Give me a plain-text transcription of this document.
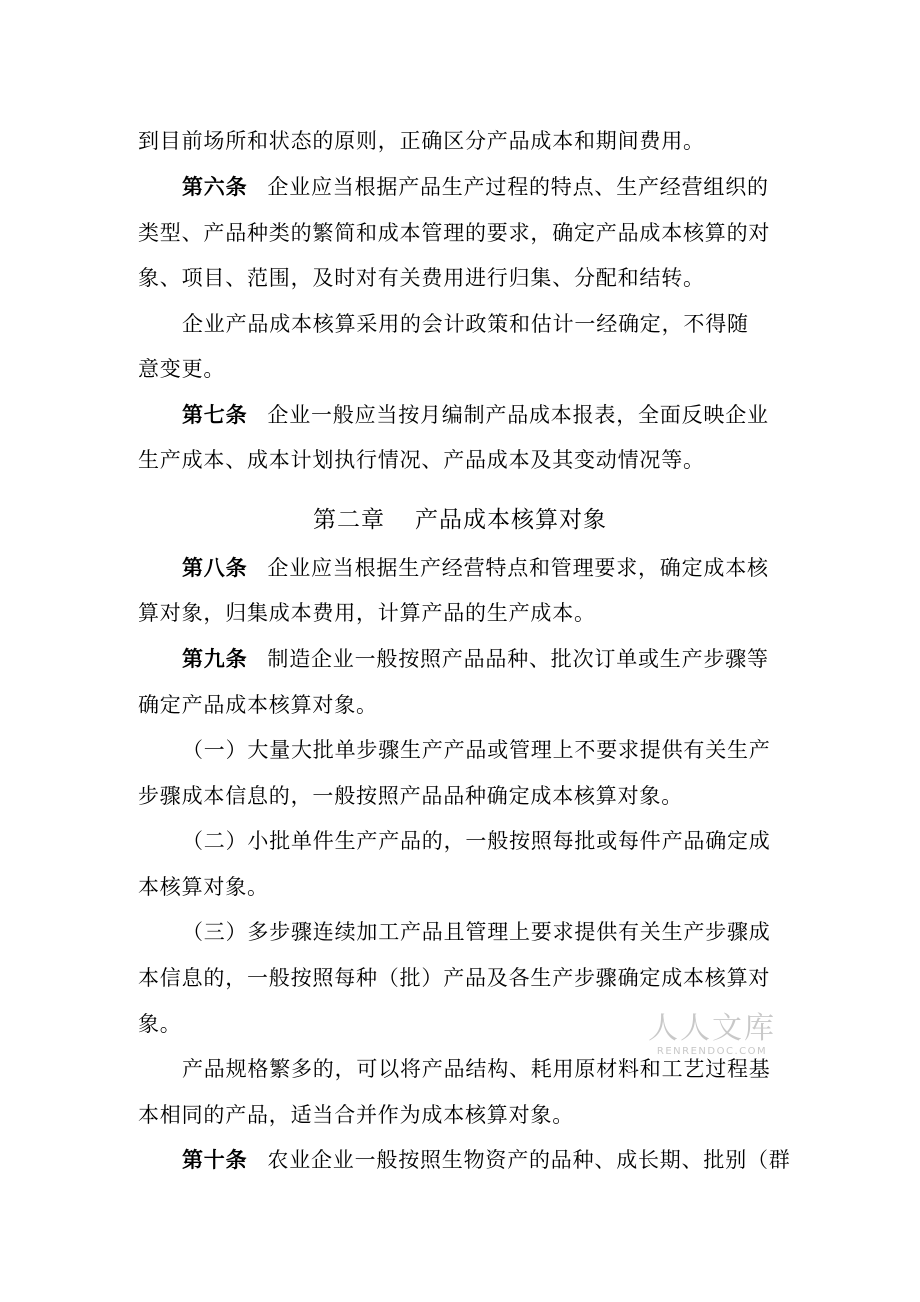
到目前场所和状态的原则，正确区分产品成本和期间费用。
第六条 企业应当根据产品生产过程的特点、生产经营组织的
类型、产品种类的繁简和成本管理的要求，确定产品成本核算的对
象、项目、范围，及时对有关费用进行归集、分配和结转。
企业产品成本核算采用的会计政策和估计一经确定，不得随
意变更。
第七条 企业一般应当按月编制产品成本报表，全面反映企业
生产成本、成本计划执行情况、产品成本及其变动情况等。
第二章 产品成本核算对象
第八条 企业应当根据生产经营特点和管理要求，确定成本核
算对象，归集成本费用，计算产品的生产成本。
第九条 制造企业一般按照产品品种、批次订单或生产步骤等
确定产品成本核算对象。
（一）大量大批单步骤生产产品或管理上不要求提供有关生产
步骤成本信息的，一般按照产品品种确定成本核算对象。
（二）小批单件生产产品的，一般按照每批或每件产品确定成
本核算对象。
（三）多步骤连续加工产品且管理上要求提供有关生产步骤成
本信息的，一般按照每种（批）产品及各生产步骤确定成本核算对
象。
产品规格繁多的，可以将产品结构、耗用原材料和工艺过程基
本相同的产品，适当合并作为成本核算对象。
第十条 农业企业一般按照生物资产的品种、成长期、批别（群
人人文库
RENRENDOC.COM
